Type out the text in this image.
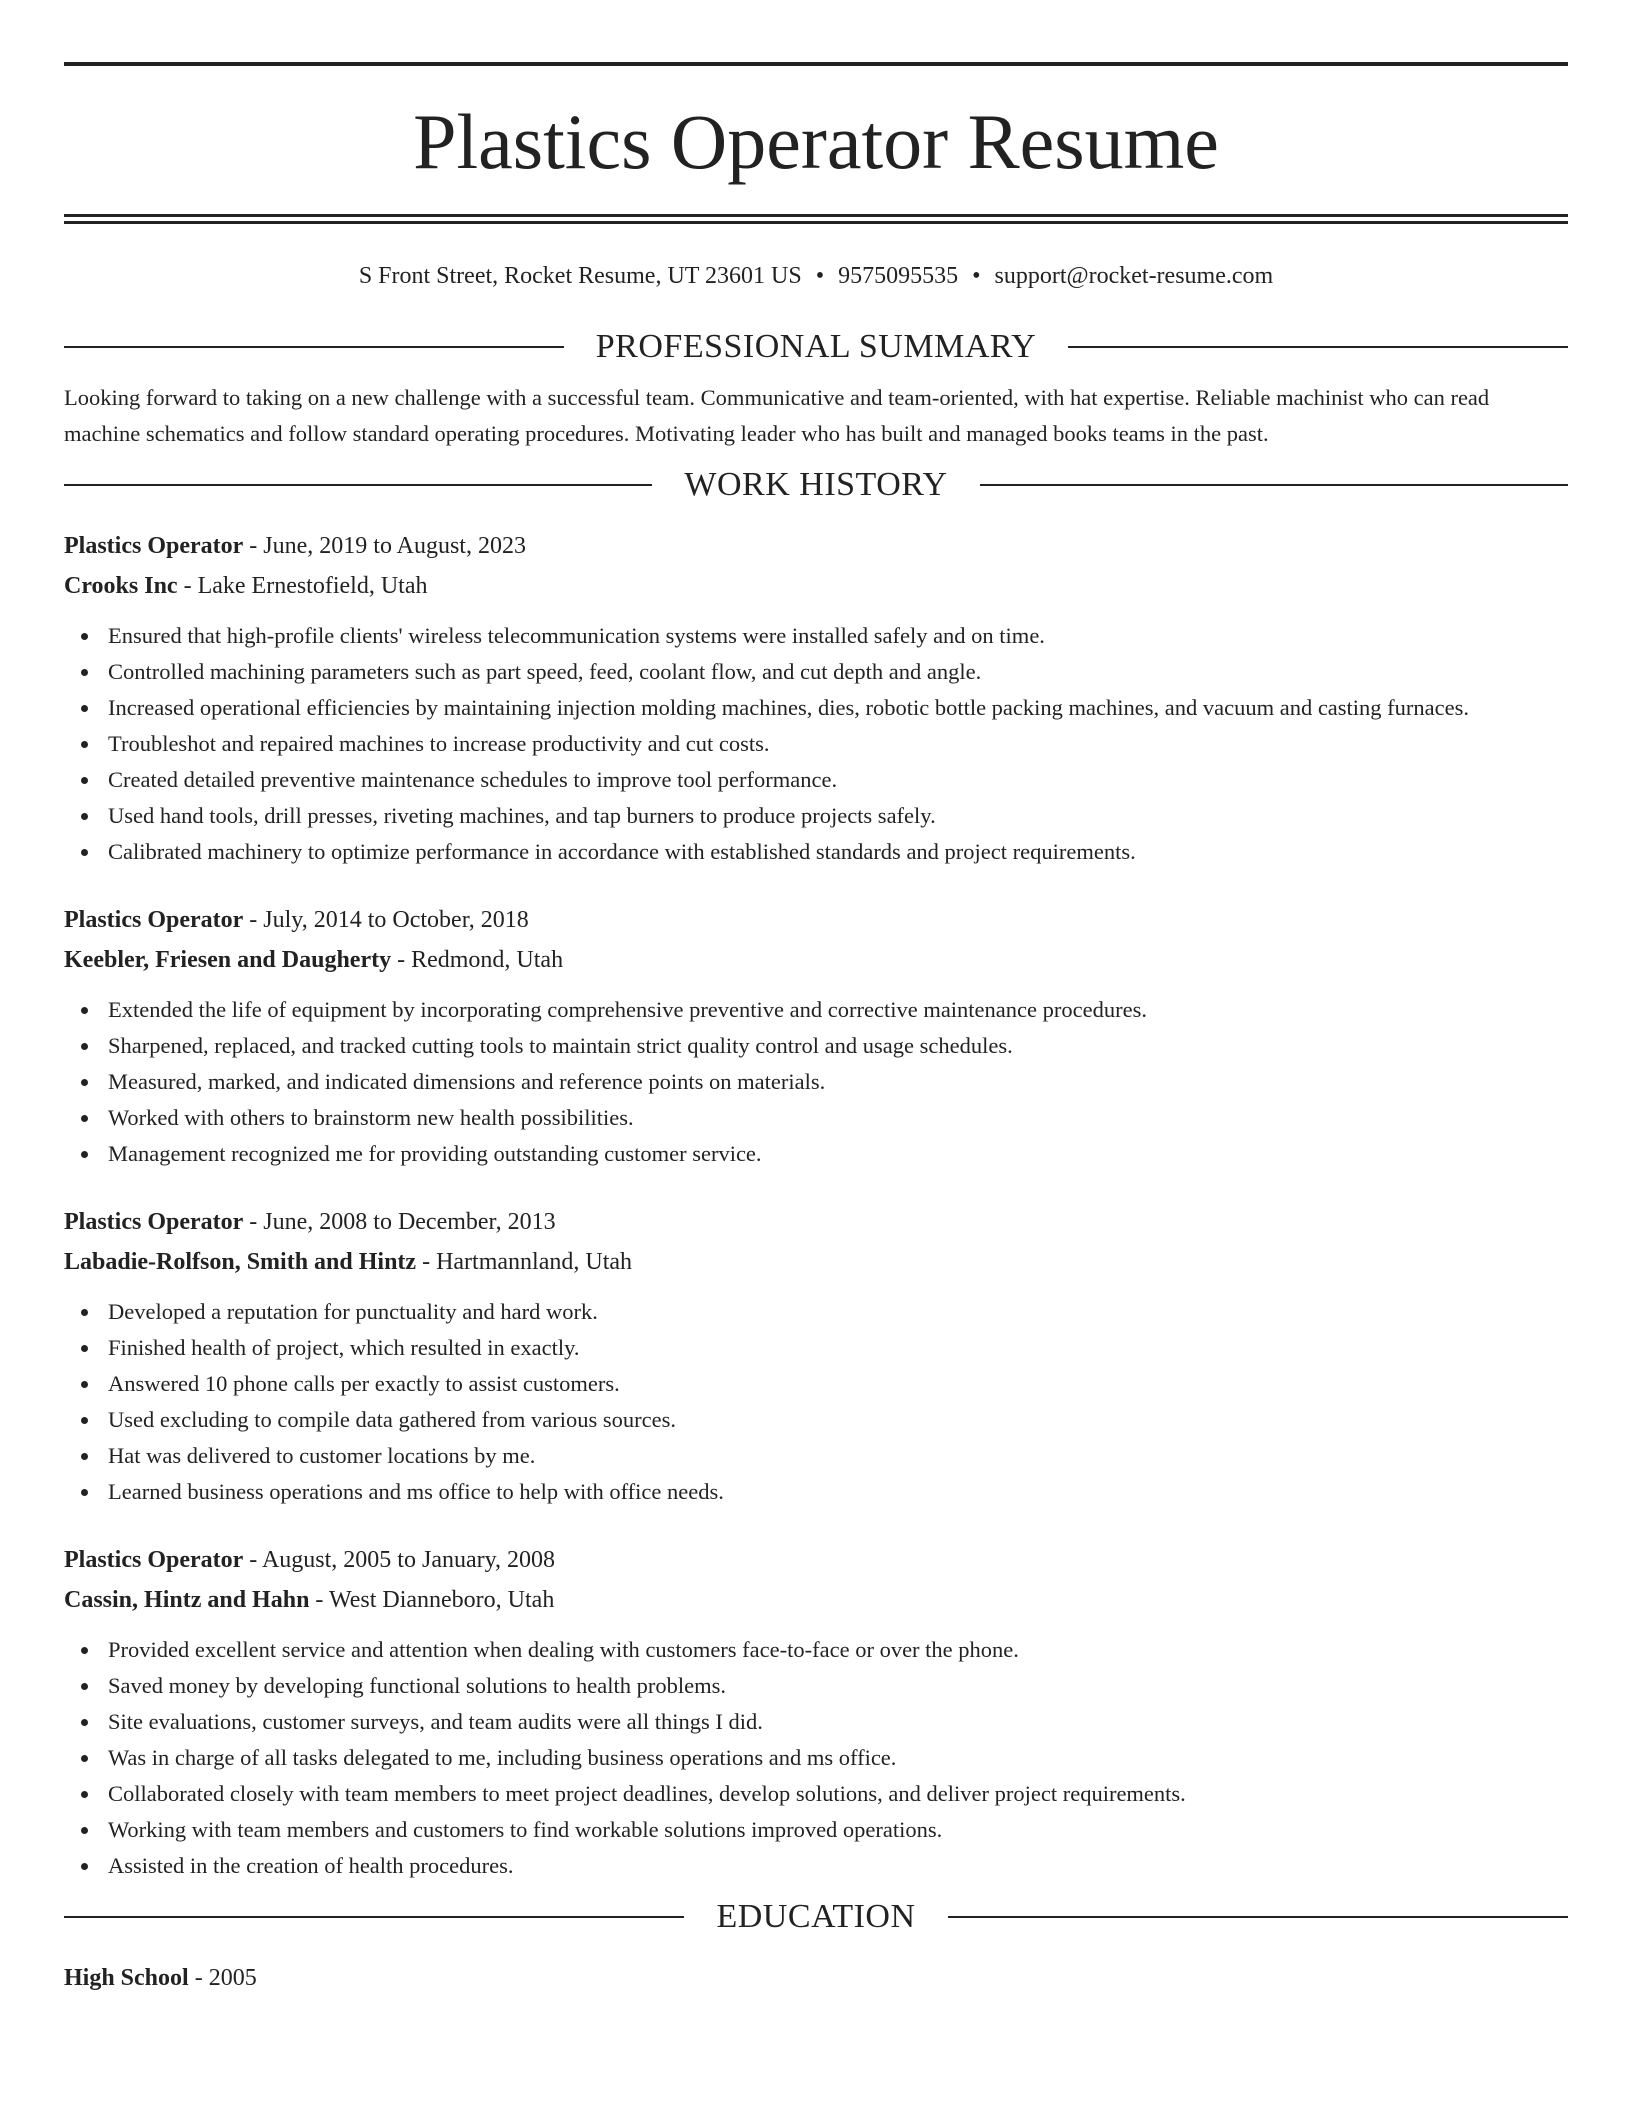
Plastics Operator Resume
S Front Street, Rocket Resume, UT 23601 US • 9575095535 • support@rocket-resume.com
PROFESSIONAL SUMMARY

Looking forward to taking on a new challenge with a successful team. Communicative and team-oriented, with hat expertise. Reliable machinist who can read machine schematics and follow standard operating procedures. Motivating leader who has built and managed books teams in the past.

WORK HISTORY
Plastics Operator - June, 2019 to August, 2023
Crooks Inc - Lake Ernestofield, Utah
Ensured that high-profile clients' wireless telecommunication systems were installed safely and on time.
Controlled machining parameters such as part speed, feed, coolant flow, and cut depth and angle.
Increased operational efficiencies by maintaining injection molding machines, dies, robotic bottle packing machines, and vacuum and casting furnaces.
Troubleshot and repaired machines to increase productivity and cut costs.
Created detailed preventive maintenance schedules to improve tool performance.
Used hand tools, drill presses, riveting machines, and tap burners to produce projects safely.
Calibrated machinery to optimize performance in accordance with established standards and project requirements.
Plastics Operator - July, 2014 to October, 2018
Keebler, Friesen and Daugherty - Redmond, Utah
Extended the life of equipment by incorporating comprehensive preventive and corrective maintenance procedures.
Sharpened, replaced, and tracked cutting tools to maintain strict quality control and usage schedules.
Measured, marked, and indicated dimensions and reference points on materials.
Worked with others to brainstorm new health possibilities.
Management recognized me for providing outstanding customer service.
Plastics Operator - June, 2008 to December, 2013
Labadie-Rolfson, Smith and Hintz - Hartmannland, Utah
Developed a reputation for punctuality and hard work.
Finished health of project, which resulted in exactly.
Answered 10 phone calls per exactly to assist customers.
Used excluding to compile data gathered from various sources.
Hat was delivered to customer locations by me.
Learned business operations and ms office to help with office needs.
Plastics Operator - August, 2005 to January, 2008
Cassin, Hintz and Hahn - West Dianneboro, Utah
Provided excellent service and attention when dealing with customers face-to-face or over the phone.
Saved money by developing functional solutions to health problems.
Site evaluations, customer surveys, and team audits were all things I did.
Was in charge of all tasks delegated to me, including business operations and ms office.
Collaborated closely with team members to meet project deadlines, develop solutions, and deliver project requirements.
Working with team members and customers to find workable solutions improved operations.
Assisted in the creation of health procedures.
EDUCATION
High School - 2005
